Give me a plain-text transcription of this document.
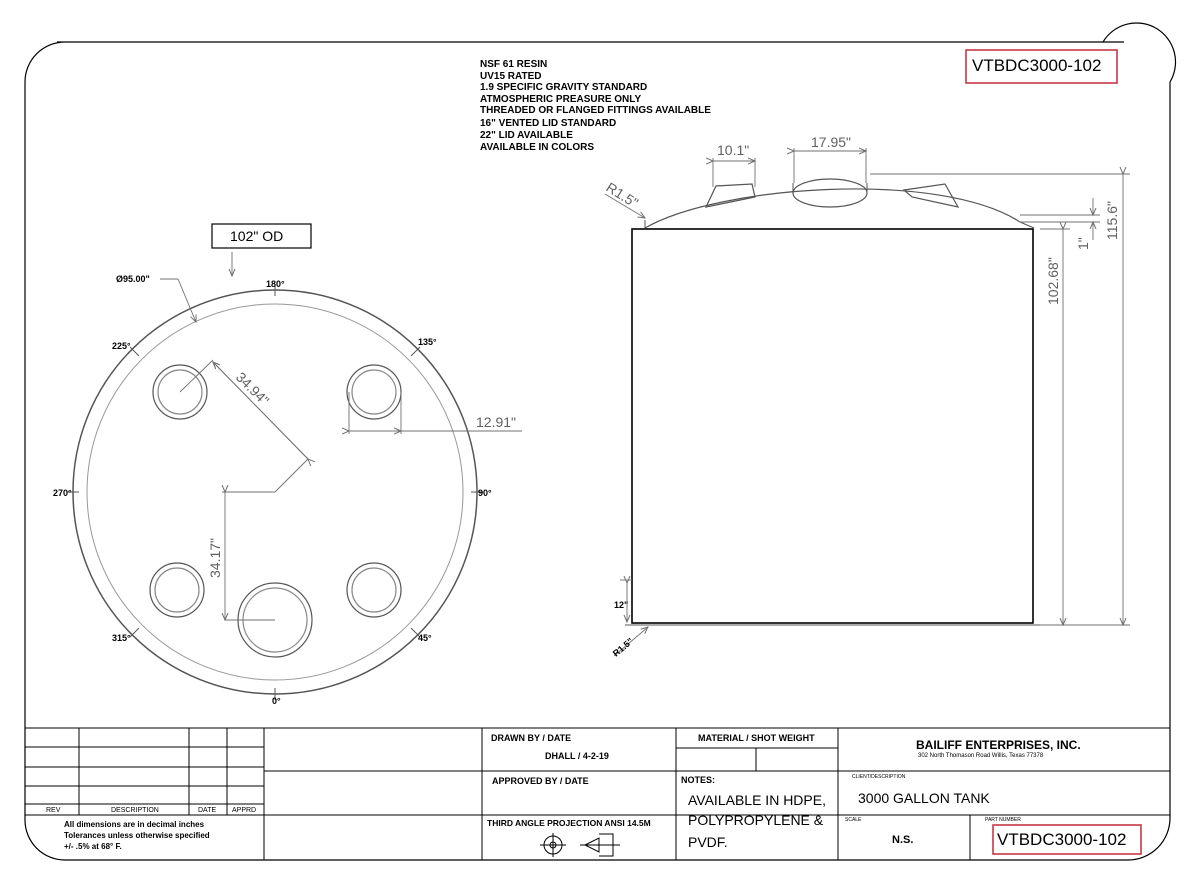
VTBDC3000-102
NSF 61 RESIN
UV15 RATED
1.9 SPECIFIC GRAVITY STANDARD
ATMOSPHERIC PREASURE ONLY
THREADED OR FLANGED FITTINGS AVAILABLE
16" VENTED LID STANDARD
22" LID AVAILABLE
AVAILABLE IN COLORS
180°
0°
270°	90°
225°	135°
315°	45°
34.94"
34.17"
12.91"
Ø95.00"
102" OD
10.1"	17.95"
R1.5"
102.68"
115.6"
1"
12"
R1.5"
REV	DESCRIPTION	DATE APPRD
All dimensions are in decimal inches
Tolerances unless otherwise specified
+/- .5% at 68° F.
DRAWN BY / DATE
DHALL / 4-2-19
APPROVED BY / DATE
THIRD ANGLE PROJECTION ANSI 14.5M
MATERIAL / SHOT WEIGHT
NOTES:
AVAILABLE IN HDPE,
POLYPROPYLENE &
PVDF.
BAILIFF ENTERPRISES, INC.
302 North Thomason Road Willis, Texas 77378
CLIENT/DESCRIPTION
3000 GALLON TANK
SCALE
N.S.
PART NUMBER
VTBDC3000-102
